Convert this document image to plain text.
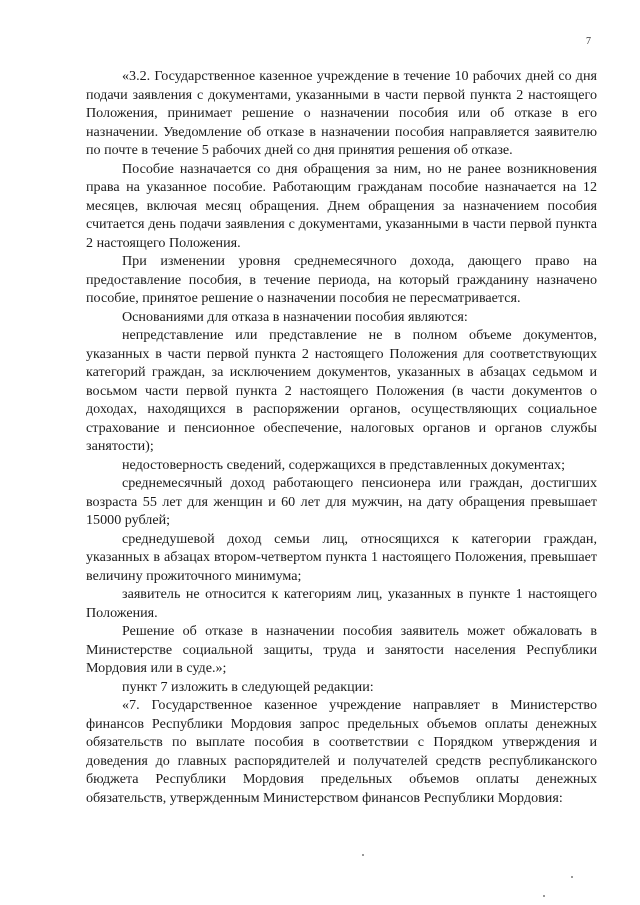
7

«3.2. Государственное казенное учреждение в течение 10 рабочих дней со дня подачи заявления с документами, указанными в части первой пункта 2 настоящего Положения, принимает решение о назначении пособия или об отказе в его назначении. Уведомление об отказе в назначении пособия направляется заявителю по почте в течение 5 рабочих дней со дня принятия решения об отказе.

Пособие назначается со дня обращения за ним, но не ранее возникновения права на указанное пособие. Работающим гражданам пособие назначается на 12 месяцев, включая месяц обращения. Днем обращения за назначением пособия считается день подачи заявления с документами, указанными в части первой пункта 2 настоящего Положения.

При изменении уровня среднемесячного дохода, дающего право на предоставление пособия, в течение периода, на который гражданину назначено пособие, принятое решение о назначении пособия не пересматривается.

Основаниями для отказа в назначении пособия являются:

непредставление или представление не в полном объеме документов, указанных в части первой пункта 2 настоящего Положения для соответствующих категорий граждан, за исключением документов, указанных в абзацах седьмом и восьмом части первой пункта 2 настоящего Положения (в части документов о доходах, находящихся в распоряжении органов, осуществляющих социальное страхование и пенсионное обеспечение, налоговых органов и органов службы занятости);

недостоверность сведений, содержащихся в представленных документах;

среднемесячный доход работающего пенсионера или граждан, достигших возраста 55 лет для женщин и 60 лет для мужчин, на дату обращения превышает 15000 рублей;

среднедушевой доход семьи лиц, относящихся к категории граждан, указанных в абзацах втором-четвертом пункта 1 настоящего Положения, превышает величину прожиточного минимума;

заявитель не относится к категориям лиц, указанных в пункте 1 настоящего Положения.

Решение об отказе в назначении пособия заявитель может обжаловать в Министерстве социальной защиты, труда и занятости населения Республики Мордовия или в суде.»;

пункт 7 изложить в следующей редакции:

«7. Государственное казенное учреждение направляет в Министерство финансов Республики Мордовия запрос предельных объемов оплаты денежных обязательств по выплате пособия в соответствии с Порядком утверждения и доведения до главных распорядителей и получателей средств республиканского бюджета Республики Мордовия предельных объемов оплаты денежных обязательств, утвержденным Министерством финансов Республики Мордовия:
